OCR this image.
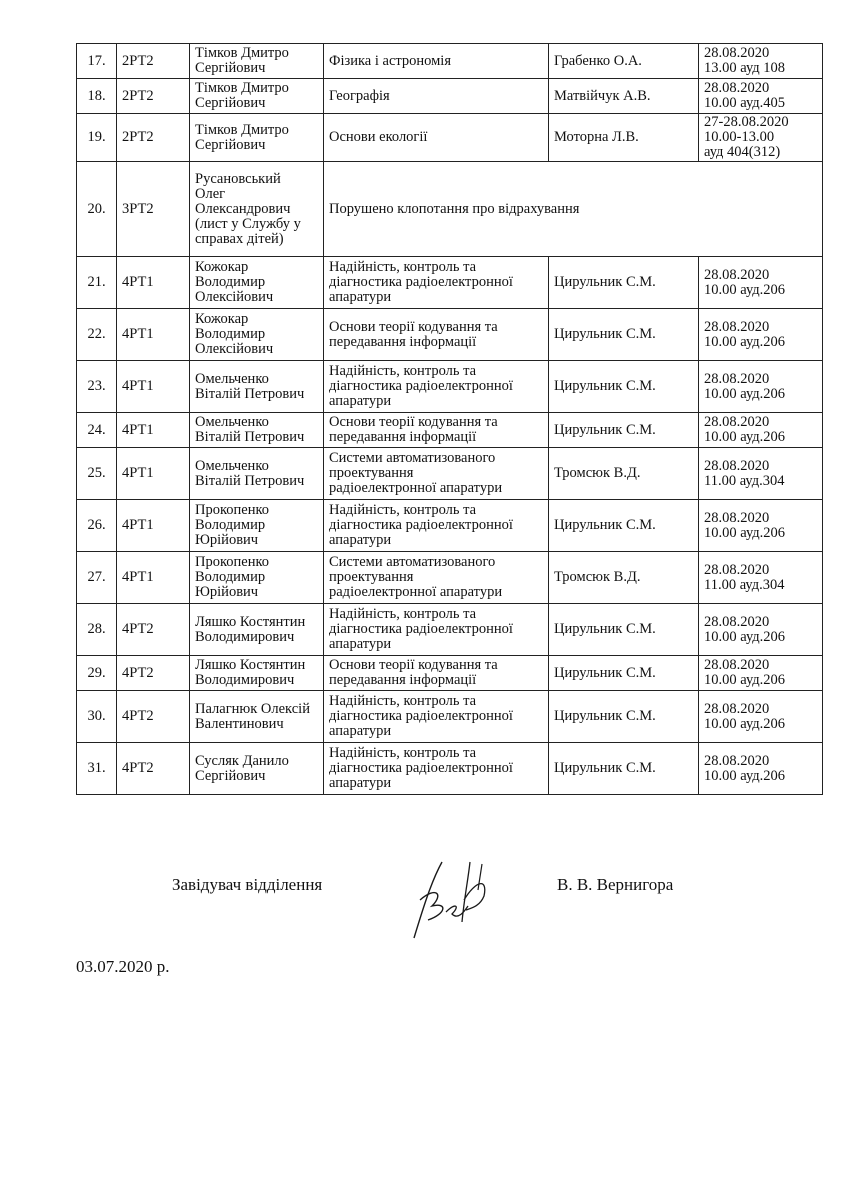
17.	2РТ2	Тімков Дмитро
Сергійович	Фізика і астрономія	Грабенко О.А.	28.08.2020
13.00 ауд 108

18.	2РТ2	Тімков Дмитро
Сергійович	Географія	Матвійчук А.В.	28.08.2020
10.00 ауд.405

19.	2РТ2	Тімков Дмитро
Сергійович	Основи екології	Моторна Л.В.	27-28.08.2020
10.00-13.00
ауд 404(312)

20.	3РТ2	Русановський
Олег
Олександрович
(лист у Службу у
справах дітей)	Порушено клопотання про відрахування		
21.	4РТ1	Кожокар
Володимир
Олексійович	Надійність, контроль та
діагностика радіоелектронної
апаратури	Цирульник С.М.	28.08.2020
10.00 ауд.206

22.	4РТ1	Кожокар
Володимир
Олексійович	Основи теорії кодування та
передавання інформації	Цирульник С.М.	28.08.2020
10.00 ауд.206

23.	4РТ1	Омельченко
Віталій Петрович	Надійність, контроль та
діагностика радіоелектронної
апаратури	Цирульник С.М.	28.08.2020
10.00 ауд.206

24.	4РТ1	Омельченко
Віталій Петрович	Основи теорії кодування та
передавання інформації	Цирульник С.М.	28.08.2020
10.00 ауд.206

25.	4РТ1	Омельченко
Віталій Петрович	Системи автоматизованого
проектування
радіоелектронної апаратури	Тромсюк В.Д.	28.08.2020
11.00 ауд.304

26.	4РТ1	Прокопенко
Володимир
Юрійович	Надійність, контроль та
діагностика радіоелектронної
апаратури	Цирульник С.М.	28.08.2020
10.00 ауд.206

27.	4РТ1	Прокопенко
Володимир
Юрійович	Системи автоматизованого
проектування
радіоелектронної апаратури	Тромсюк В.Д.	28.08.2020
11.00 ауд.304

28.	4РТ2	Ляшко Костянтин
Володимирович	Надійність, контроль та
діагностика радіоелектронної
апаратури	Цирульник С.М.	28.08.2020
10.00 ауд.206

29.	4РТ2	Ляшко Костянтин
Володимирович	Основи теорії кодування та
передавання інформації	Цирульник С.М.	28.08.2020
10.00 ауд.206

30.	4РТ2	Палагнюк Олексій
Валентинович	Надійність, контроль та
діагностика радіоелектронної
апаратури	Цирульник С.М.	28.08.2020
10.00 ауд.206

31.	4РТ2	Сусляк Данило
Сергійович	Надійність, контроль та
діагностика радіоелектронної
апаратури	Цирульник С.М.	28.08.2020
10.00 ауд.206
Завідувач відділення	В. В. Вернигора
03.07.2020 р.
